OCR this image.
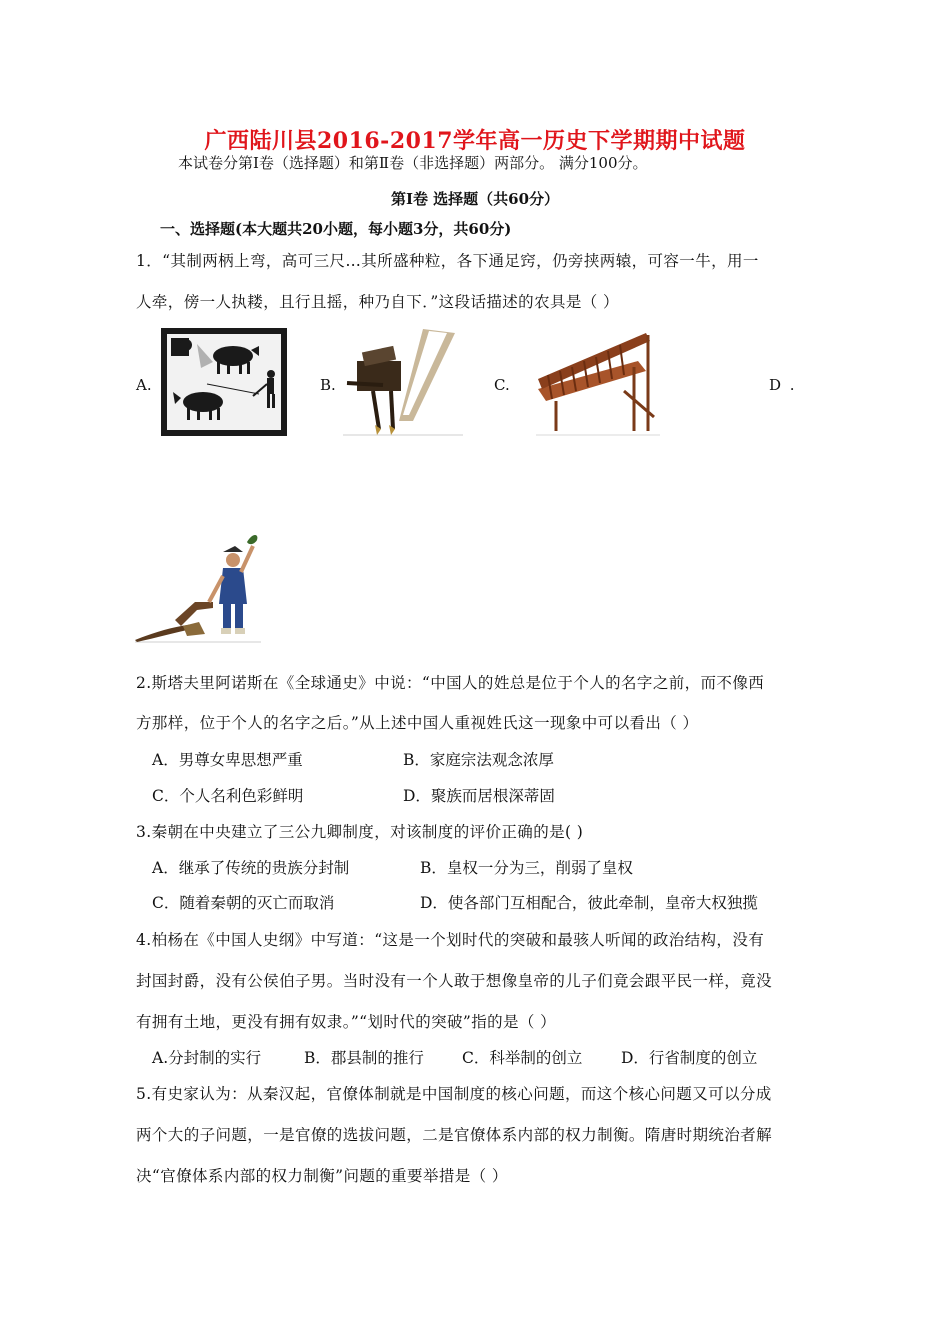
广西陆川县2016-2017学年高一历史下学期期中试题
本试卷分第Ⅰ卷（选择题）和第Ⅱ卷（非选择题）两部分。 满分100分。
第Ⅰ卷 选择题（共60分）
一、选择题(本大题共20小题，每小题3分，共60分)
1．“其制两柄上弯，高可三尺…其所盛种粒，各下通足窍，仍旁挟两辕，可容一牛，用一
人牵，傍一人执耧，且行且摇，种乃自下．”这段话描述的农具是（ ）
A.	B.	C.	D .
2.斯塔夫里阿诺斯在《全球通史》中说：“中国人的姓总是位于个人的名字之前，而不像西
方那样，位于个人的名字之后。”从上述中国人重视姓氏这一现象中可以看出（ ）
A．男尊女卑思想严重	B．家庭宗法观念浓厚
C．个人名利色彩鲜明	D．聚族而居根深蒂固
3.秦朝在中央建立了三公九卿制度，对该制度的评价正确的是( )
A．继承了传统的贵族分封制	B．皇权一分为三，削弱了皇权
C．随着秦朝的灭亡而取消	D．使各部门互相配合，彼此牵制，皇帝大权独揽
4.柏杨在《中国人史纲》中写道：“这是一个划时代的突破和最骇人听闻的政治结构，没有
封国封爵，没有公侯伯子男。当时没有一个人敢于想像皇帝的儿子们竟会跟平民一样，竟没
有拥有土地，更没有拥有奴隶。”“划时代的突破”指的是（ ）
A.分封制的实行	B．郡县制的推行 C．科举制的创立 D．行省制度的创立
5.有史家认为：从秦汉起，官僚体制就是中国制度的核心问题，而这个核心问题又可以分成
两个大的子问题，一是官僚的选拔问题，二是官僚体系内部的权力制衡。隋唐时期统治者解
决“官僚体系内部的权力制衡”问题的重要举措是（ ）
